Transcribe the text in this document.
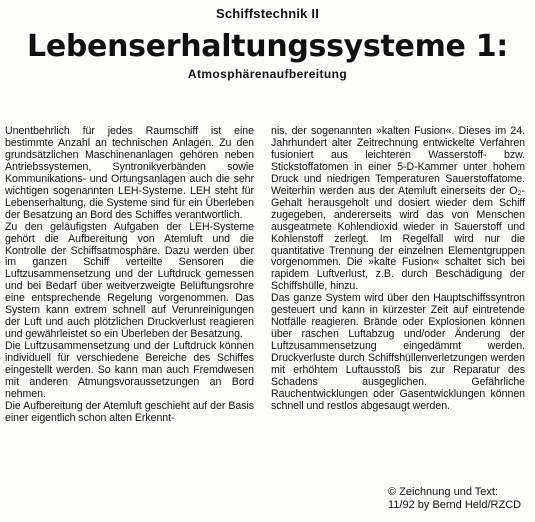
Schiffstechnik II
Lebenserhaltungssysteme 1:
Atmosphärenaufbereitung

Unentbehrlich für jedes Raumschiff ist eine bestimmte Anzahl an technischen Anlagen. Zu den grundsätzlichen Maschinenanlagen gehören neben Antriebssystemen, Syntronikverbänden sowie Kommunikations- und Ortungsanlagen auch die sehr wichtigen sogenannten LEH-Systeme. LEH steht für Lebenserhaltung, die Systeme sind für ein Überleben der Besatzung an Bord des Schiffes verantwortlich.

Zu den geläufigsten Aufgaben der LEH-Systeme gehört die Aufbereitung von Atemluft und die Kontrolle der Schiffsatmosphäre. Dazu werden über im ganzen Schiff verteilte Sensoren die Luftzusammensetzung und der Luftdruck gemessen und bei Bedarf über weitverzweigte Belüftungsrohre eine entsprechende Regelung vorgenommen. Das System kann extrem schnell auf Verunreinigungen der Luft und auch plötzlichen Druckverlust reagieren und gewährleistet so ein Überleben der Besatzung.

Die Luftzusammensetzung und der Luftdruck können individuell für verschiedene Bereiche des Schiffes eingestellt werden. So kann man auch Fremdwesen mit anderen Atmungsvoraussetzungen an Bord nehmen.

Die Aufbereitung der Atemluft geschieht auf der Basis einer eigentlich schon alten Erkennt-

nis, der sogenannten »kalten Fusion«. Dieses im 24. Jahrhundert alter Zeitrechnung entwickelte Verfahren fusioniert aus leichteren Wasserstoff- bzw. Stickstoffatomen in einer 5-D-Kammer unter hohem Druck und niedrigen Temperaturen Sauerstoffatome. Weiterhin werden aus der Atemluft einerseits der O₂-Gehalt herausgeholt und dosiert wieder dem Schiff zugegeben, andererseits wird das von Menschen ausgeatmete Kohlendioxid wieder in Sauerstoff und Kohlenstoff zerlegt. Im Regelfall wird nur die quantitative Trennung der einzelnen Elementgruppen vorgenommen. Die »kalte Fusion« schaltet sich bei rapidem Luftverlust, z.B. durch Beschädigung der Schiffshülle, hinzu.

Das ganze System wird über den Hauptschiffssyntron gesteuert und kann in kürzester Zeit auf eintretende Notfälle reagieren. Brände oder Explosionen können über raschen Luftabzug und/oder Änderung der Luftzusammensetzung eingedämmt werden. Druckverluste durch Schiffshüllenverletzungen werden mit erhöhtem Luftausstoß bis zur Reparatur des Schadens ausgeglichen. Gefährliche Rauchentwicklungen oder Gasentwicklungen können schnell und restlos abgesaugt werden.

© Zeichnung und Text:
11/92 by Bernd Held/RZCD
